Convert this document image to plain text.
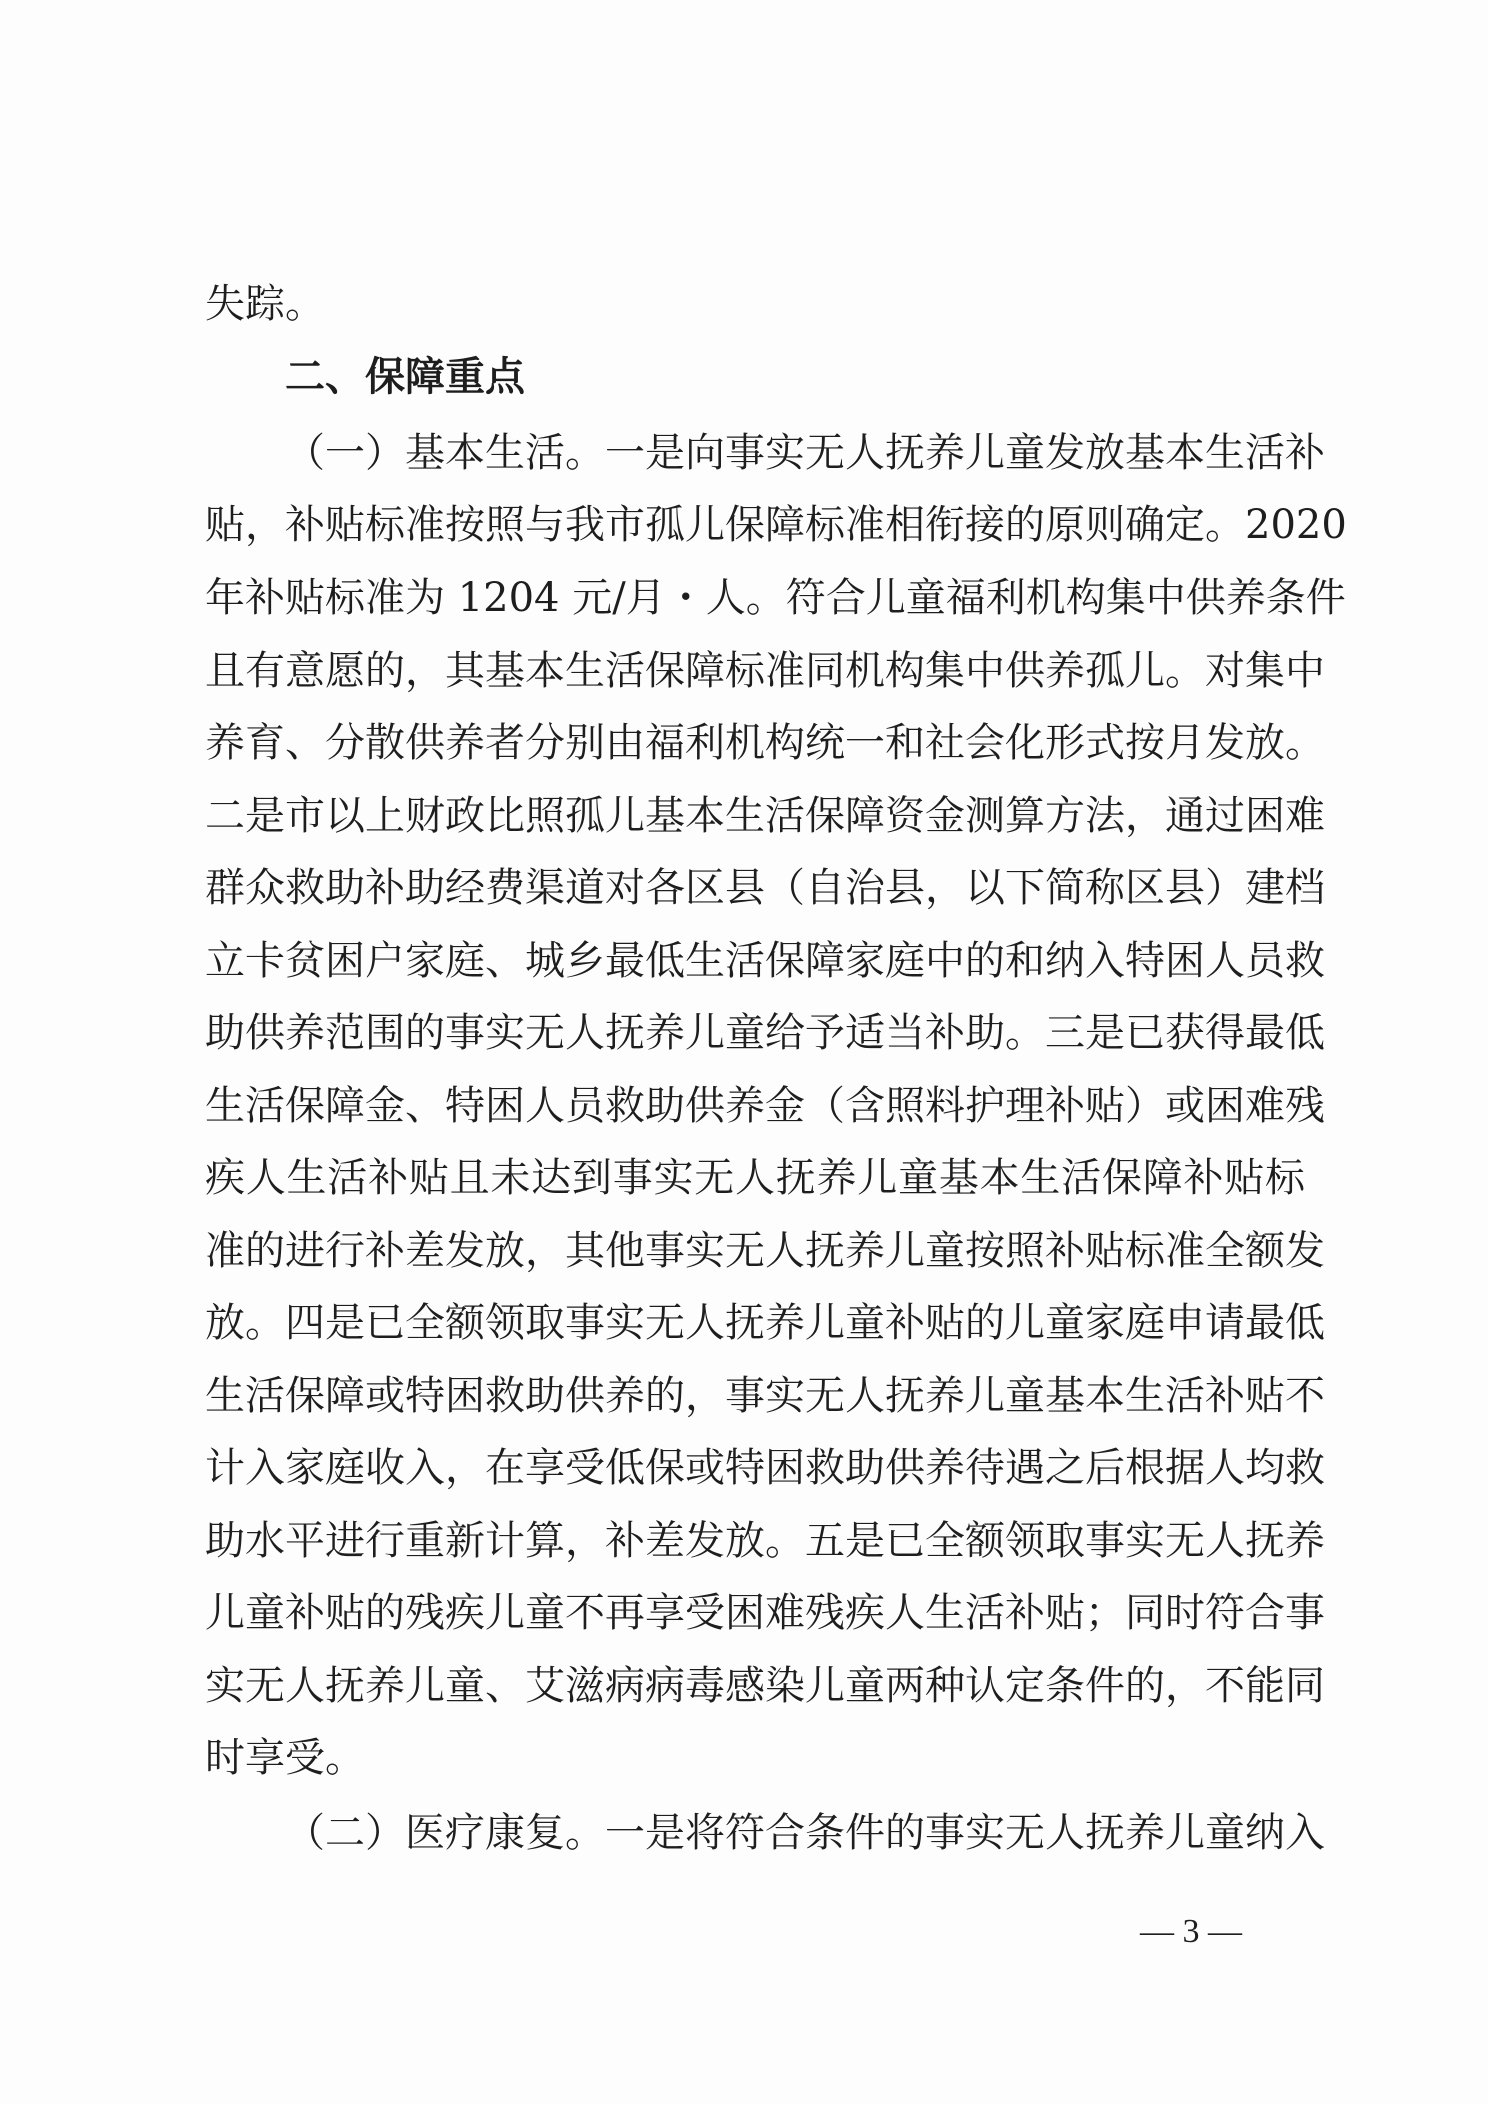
失踪。
二、保障重点
（一）基本生活。一是向事实无人抚养儿童发放基本生活补
贴，补贴标准按照与我市孤儿保障标准相衔接的原则确定。2020
年补贴标准为 1204 元/月・人。符合儿童福利机构集中供养条件
且有意愿的，其基本生活保障标准同机构集中供养孤儿。对集中
养育、分散供养者分别由福利机构统一和社会化形式按月发放。
二是市以上财政比照孤儿基本生活保障资金测算方法，通过困难
群众救助补助经费渠道对各区县（自治县，以下简称区县）建档
立卡贫困户家庭、城乡最低生活保障家庭中的和纳入特困人员救
助供养范围的事实无人抚养儿童给予适当补助。三是已获得最低
生活保障金、特困人员救助供养金（含照料护理补贴）或困难残
疾人生活补贴且未达到事实无人抚养儿童基本生活保障补贴标
准的进行补差发放，其他事实无人抚养儿童按照补贴标准全额发
放。四是已全额领取事实无人抚养儿童补贴的儿童家庭申请最低
生活保障或特困救助供养的，事实无人抚养儿童基本生活补贴不
计入家庭收入，在享受低保或特困救助供养待遇之后根据人均救
助水平进行重新计算，补差发放。五是已全额领取事实无人抚养
儿童补贴的残疾儿童不再享受困难残疾人生活补贴；同时符合事
实无人抚养儿童、艾滋病病毒感染儿童两种认定条件的，不能同
时享受。
（二）医疗康复。一是将符合条件的事实无人抚养儿童纳入
— 3 —
